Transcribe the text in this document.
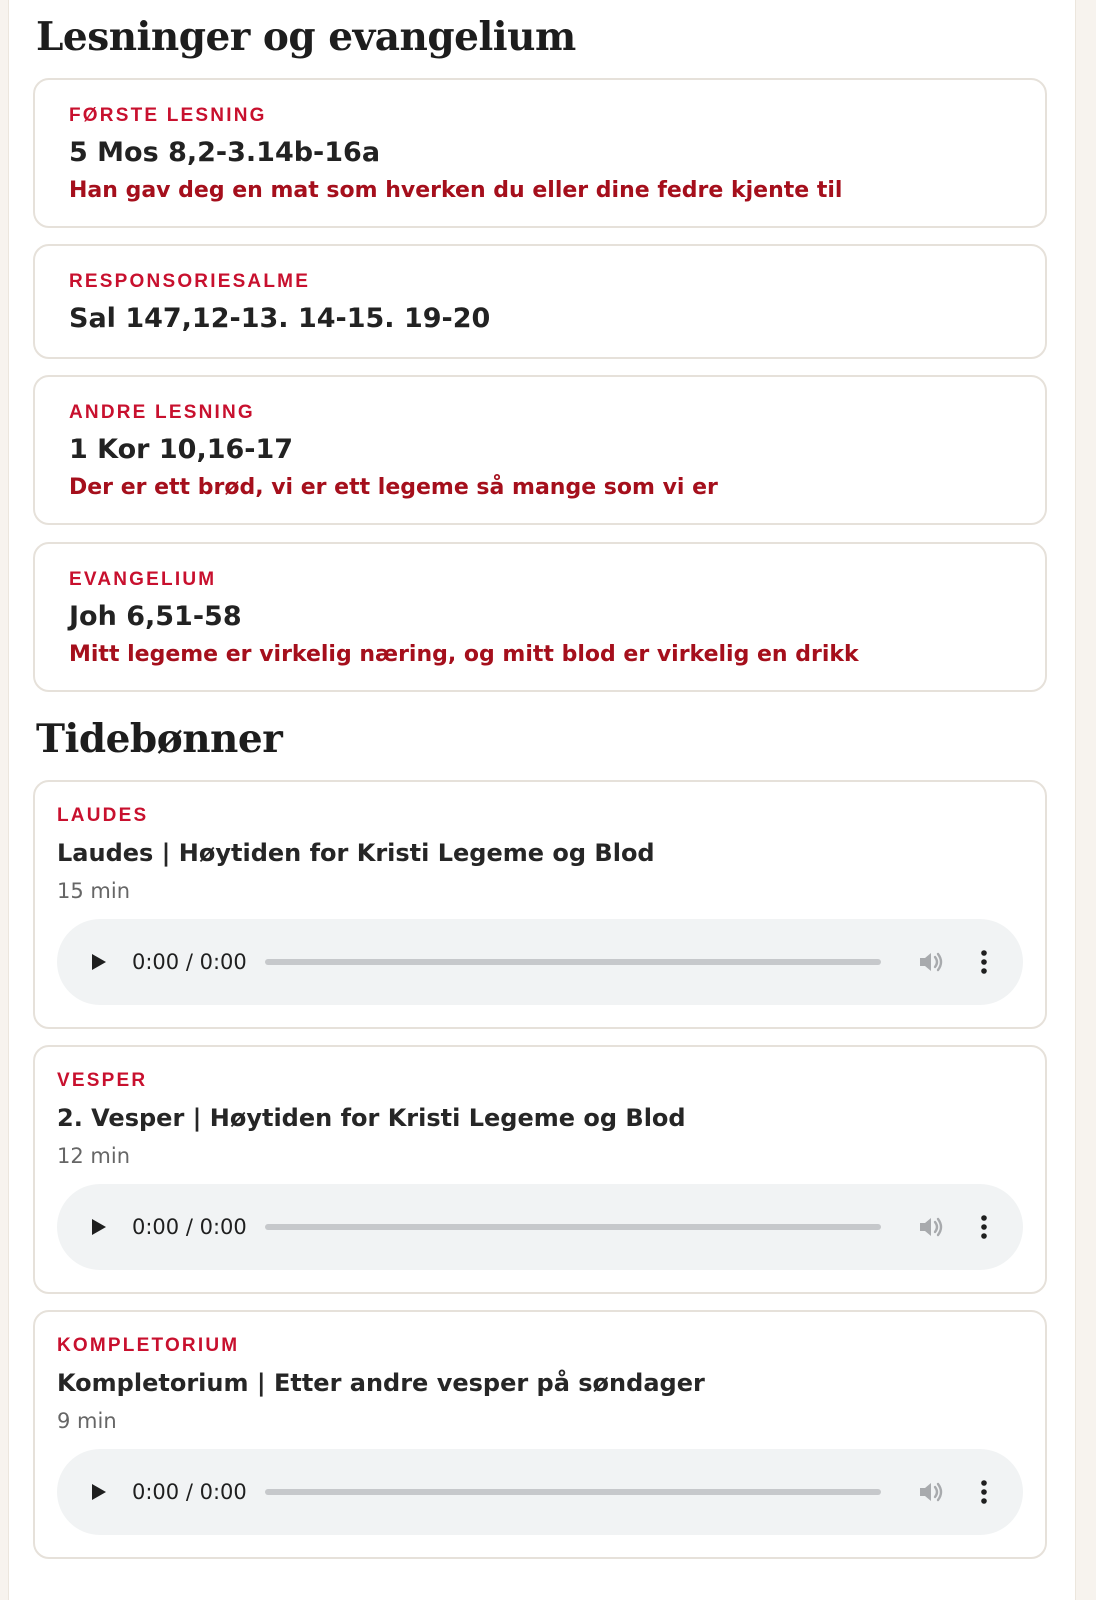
Lesninger og evangelium
FØRSTE LESNING
5 Mos 8,2-3.14b-16a
Han gav deg en mat som hverken du eller dine fedre kjente til
RESPONSORIESALME
Sal 147,12-13. 14-15. 19-20
ANDRE LESNING
1 Kor 10,16-17
Der er ett brød, vi er ett legeme så mange som vi er
EVANGELIUM
Joh 6,51-58
Mitt legeme er virkelig næring, og mitt blod er virkelig en drikk
Tidebønner
LAUDES
Laudes | Høytiden for Kristi Legeme og Blod
15 min
0:00 / 0:00
VESPER
2. Vesper | Høytiden for Kristi Legeme og Blod
12 min
0:00 / 0:00
KOMPLETORIUM
Kompletorium | Etter andre vesper på søndager
9 min
0:00 / 0:00
